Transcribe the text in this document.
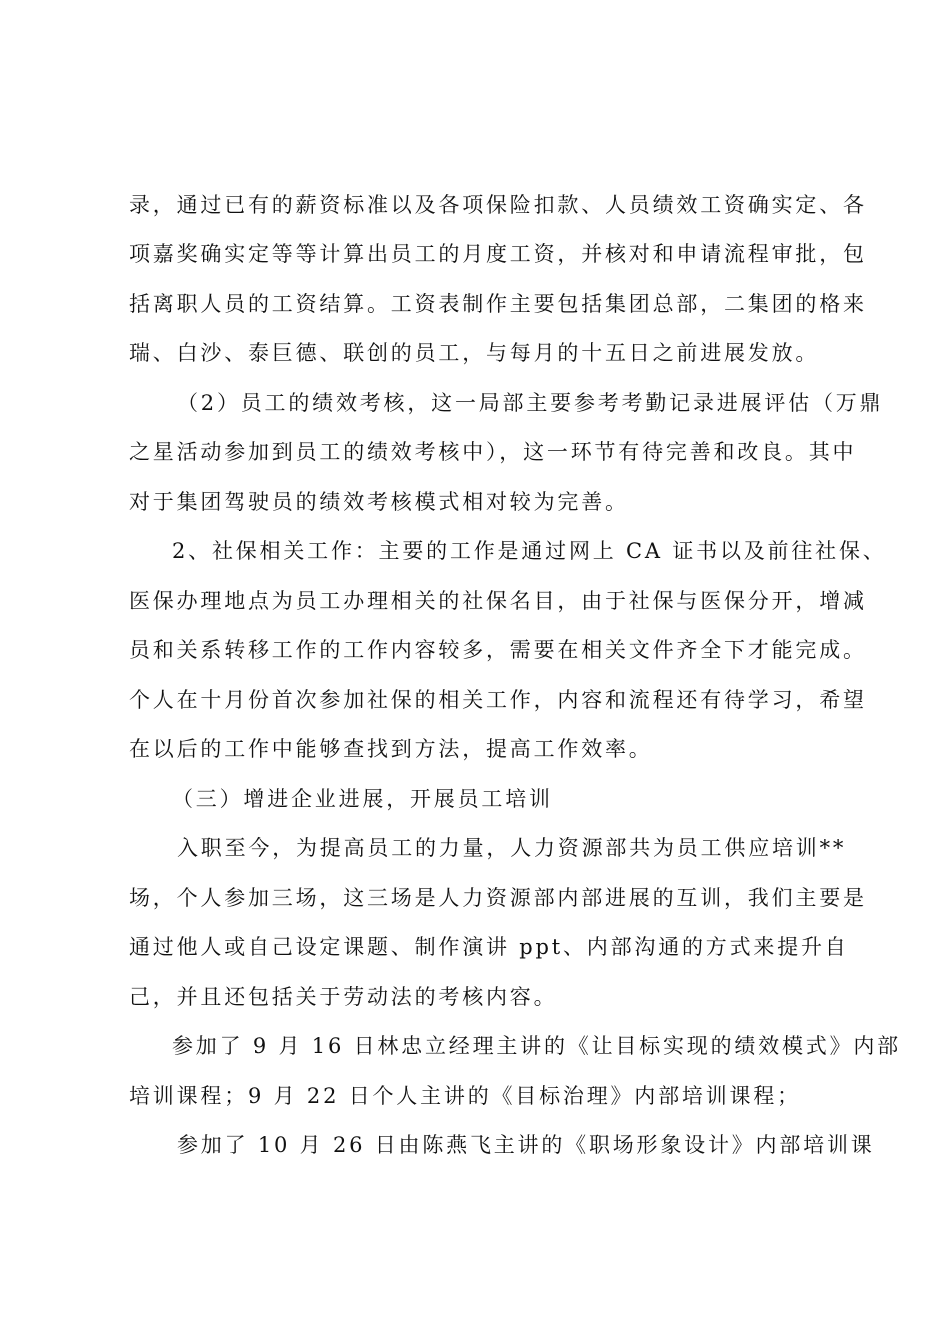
录，通过已有的薪资标准以及各项保险扣款、人员绩效工资确实定、各
项嘉奖确实定等等计算出员工的月度工资，并核对和申请流程审批，包
括离职人员的工资结算。工资表制作主要包括集团总部，二集团的格来
瑞、白沙、泰巨德、联创的员工，与每月的十五日之前进展发放。
（2）员工的绩效考核，这一局部主要参考考勤记录进展评估（万鼎
之星活动参加到员工的绩效考核中），这一环节有待完善和改良。其中
对于集团驾驶员的绩效考核模式相对较为完善。
2、社保相关工作：主要的工作是通过网上 CA 证书以及前往社保、
医保办理地点为员工办理相关的社保名目，由于社保与医保分开，增减
员和关系转移工作的工作内容较多，需要在相关文件齐全下才能完成。
个人在十月份首次参加社保的相关工作，内容和流程还有待学习，希望
在以后的工作中能够查找到方法，提高工作效率。
（三）增进企业进展，开展员工培训
入职至今，为提高员工的力量，人力资源部共为员工供应培训**
场，个人参加三场，这三场是人力资源部内部进展的互训，我们主要是
通过他人或自己设定课题、制作演讲 ppt、内部沟通的方式来提升自
己，并且还包括关于劳动法的考核内容。
参加了 9 月 16 日林忠立经理主讲的《让目标实现的绩效模式》内部
培训课程；9 月 22 日个人主讲的《目标治理》内部培训课程；
参加了 10 月 26 日由陈燕飞主讲的《职场形象设计》内部培训课
